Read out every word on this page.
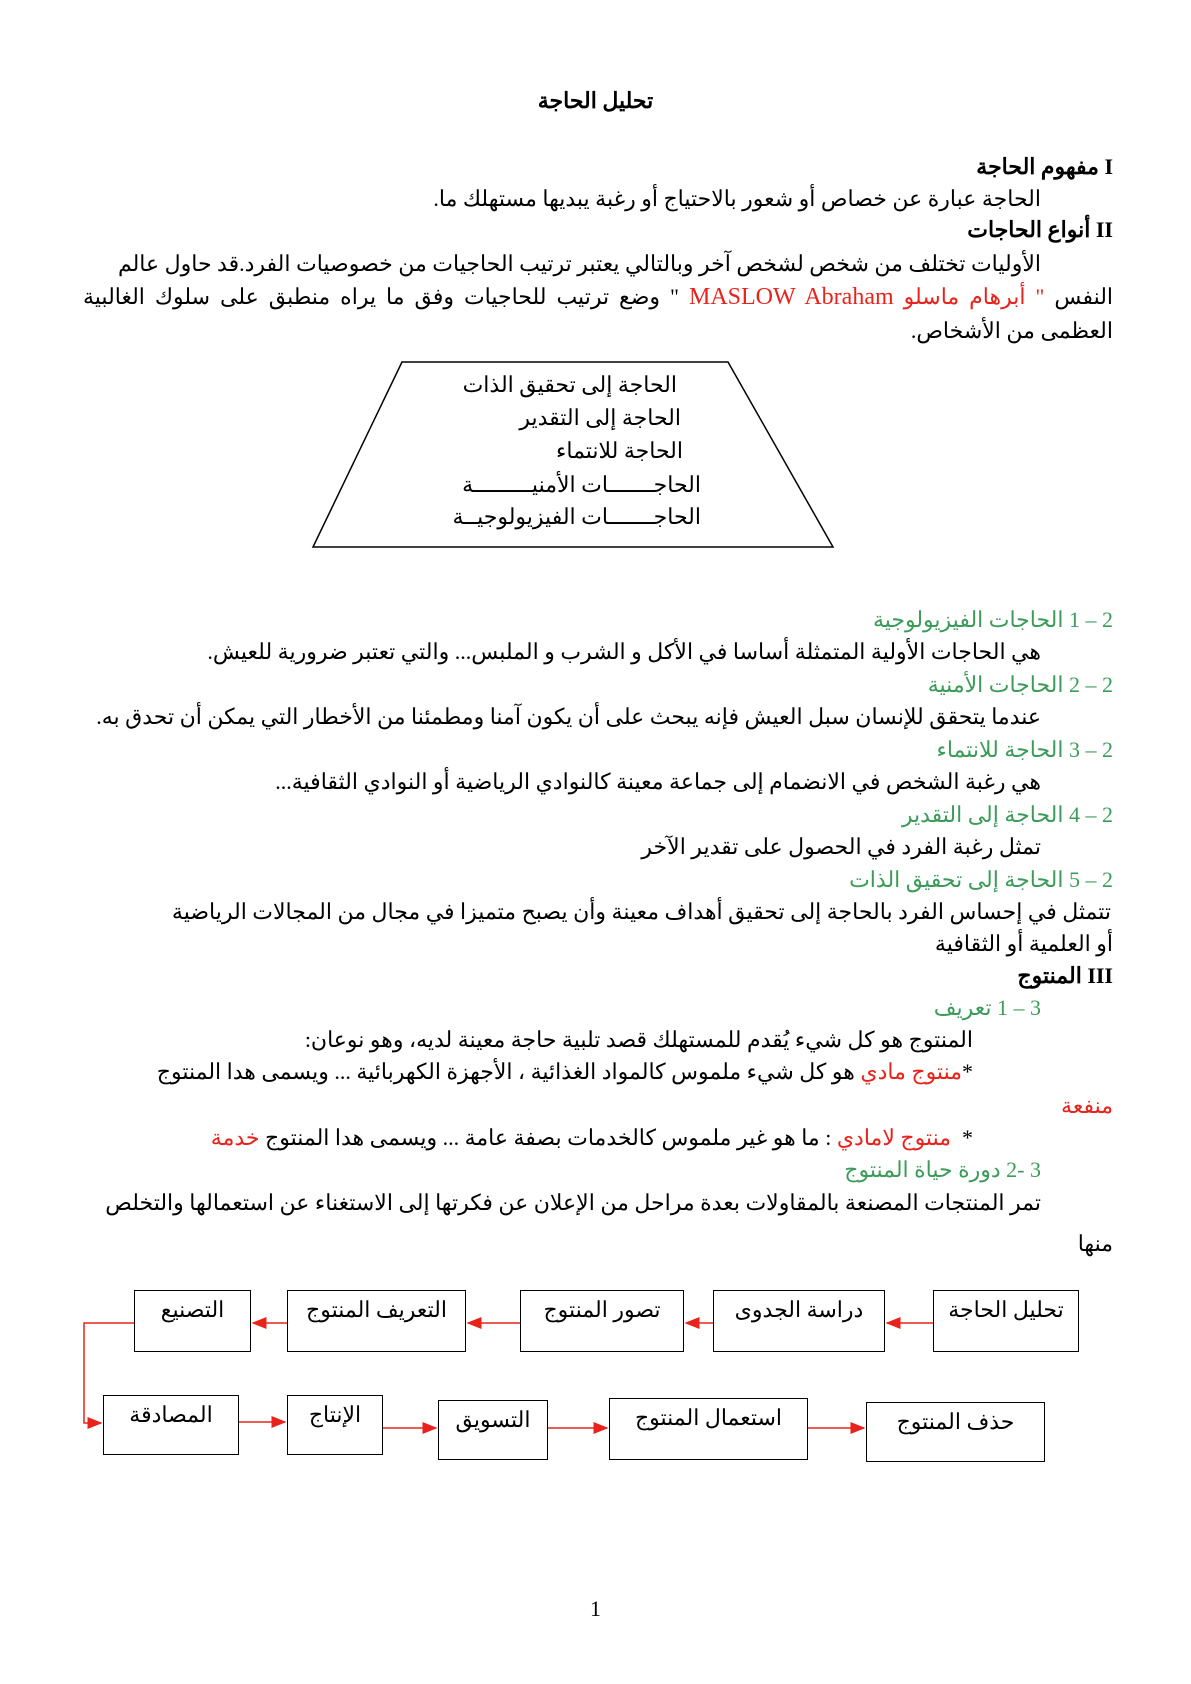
تحليل الحاجة
I مفهوم الحاجة
الحاجة عبارة عن خصاص أو شعور بالاحتياج أو رغبة يبديها مستهلك ما.
II أنواع الحاجات
الأوليات تختلف من شخص لشخص آخر وبالتالي يعتبر ترتيب الحاجيات من خصوصيات الفرد.قد حاول عالم
النفس " أبرهام ماسلو MASLOW Abraham " وضع ترتيب للحاجيات وفق ما يراه منطبق على سلوك الغالبية
العظمى من الأشخاص.
الحاجة إلى تحقيق الذات
الحاجة إلى التقدير
الحاجة للانتماء
الحاجـــــــات الأمنيـــــــــة
الحاجـــــــات الفيزيولوجيــة
2 – 1 الحاجات الفيزيولوجية
هي الحاجات الأولية المتمثلة أساسا في الأكل و الشرب و الملبس... والتي تعتبر ضرورية للعيش.
2 – 2 الحاجات الأمنية
عندما يتحقق للإنسان سبل العيش فإنه يبحث على أن يكون آمنا ومطمئنا من الأخطار التي يمكن أن تحدق به.
2 – 3 الحاجة للانتماء
هي رغبة الشخص في الانضمام إلى جماعة معينة كالنوادي الرياضية أو النوادي الثقافية...
2 – 4 الحاجة إلى التقدير
تمثل رغبة الفرد في الحصول على تقدير الآخر
2 – 5 الحاجة إلى تحقيق الذات
تتمثل في إحساس الفرد بالحاجة إلى تحقيق أهداف معينة وأن يصبح متميزا في مجال من المجالات الرياضية
أو العلمية أو الثقافية
III المنتوج
3 – 1 تعريف
المنتوج هو كل شيء يُقدم للمستهلك قصد تلبية حاجة معينة لديه، وهو نوعان:
*منتوج مادي هو كل شيء ملموس كالمواد الغذائية ، الأجهزة الكهربائية ... ويسمى هدا المنتوج
منفعة
*  منتوج لامادي : ما هو غير ملموس كالخدمات بصفة عامة ... ويسمى هدا المنتوج خدمة
3 -2 دورة حياة المنتوج
تمر المنتجات المصنعة بالمقاولات بعدة مراحل من الإعلان عن فكرتها إلى الاستغناء عن استعمالها والتخلص
منها
تحليل الحاجة
دراسة الجدوى
تصور المنتوج
التعريف المنتوج
التصنيع
المصادقة	الإنتاج	التسويق	استعمال المنتوج	حذف المنتوج
1
